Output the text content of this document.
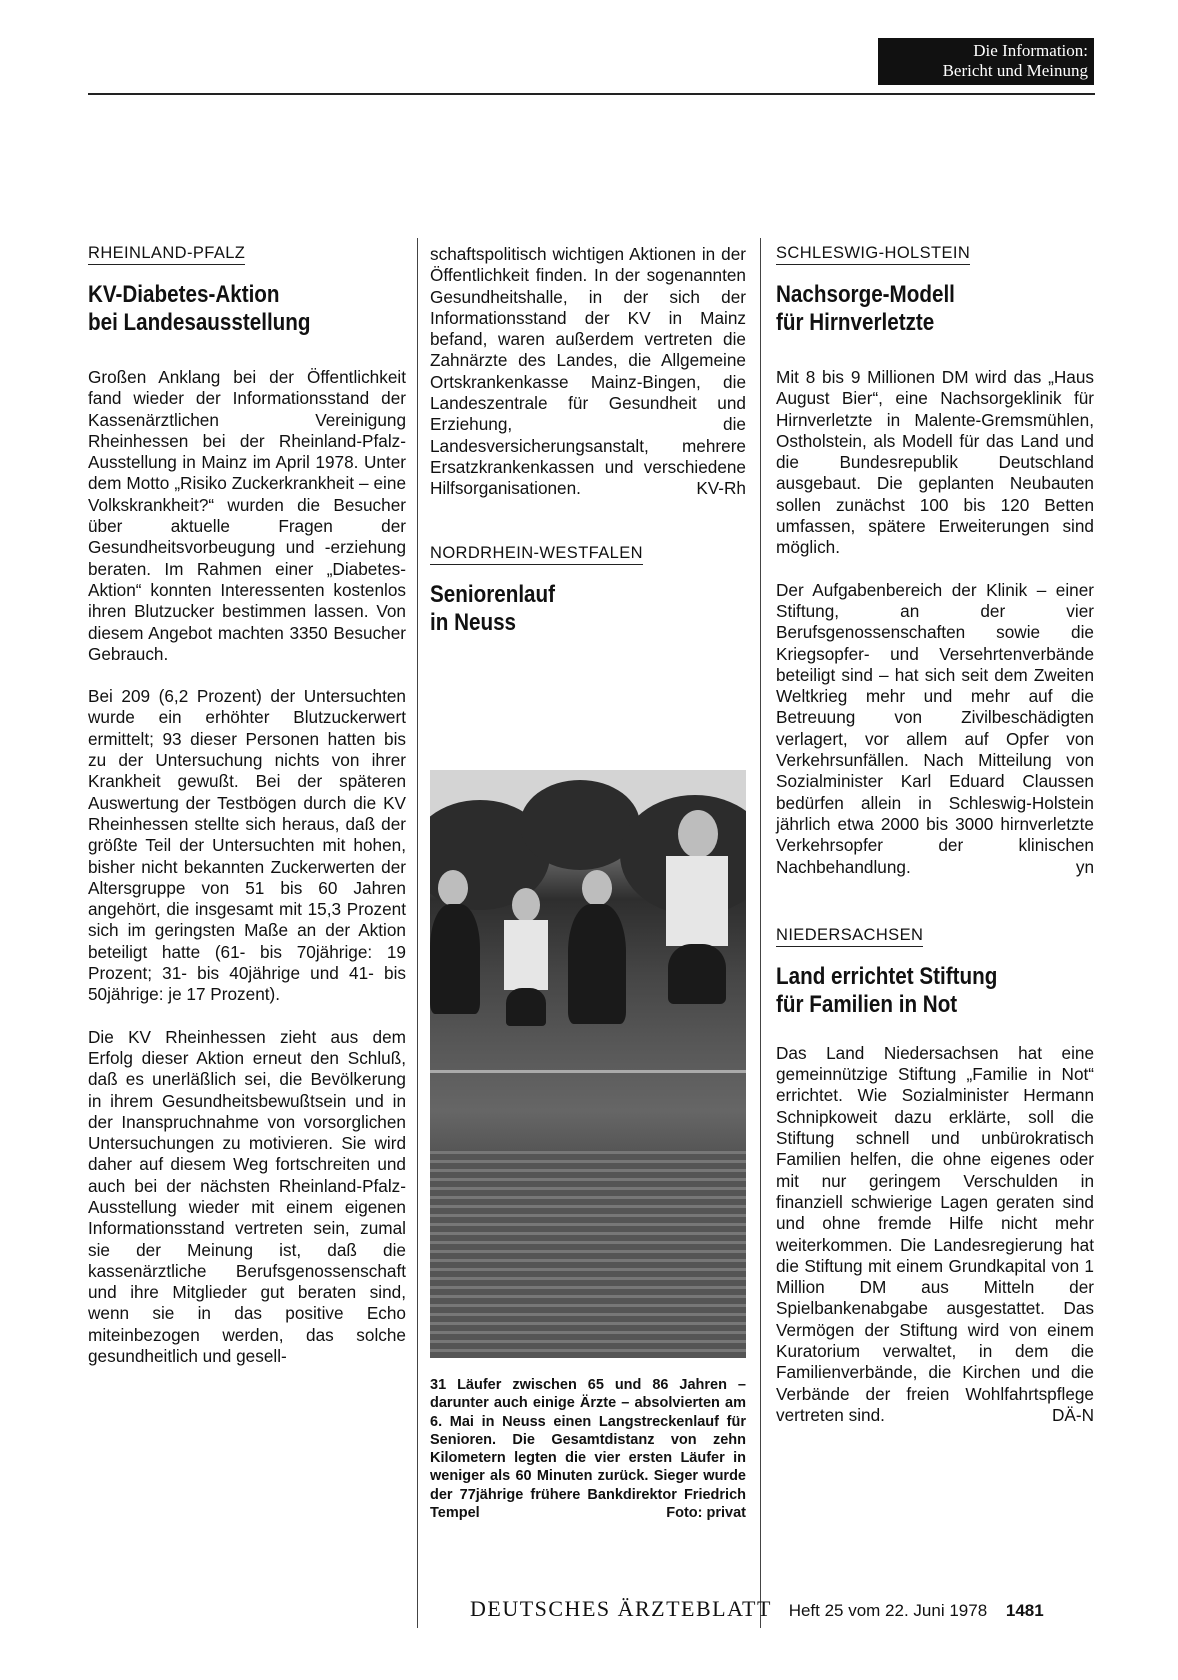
Die Information:
Bericht und Meinung
RHEINLAND-PFALZ
KV-Diabetes-Aktion
bei Landesausstellung

Großen Anklang bei der Öffentlichkeit fand wieder der Informationsstand der Kassenärztlichen Vereinigung Rheinhessen bei der Rheinland-Pfalz-Ausstellung in Mainz im April 1978. Unter dem Motto „Risiko Zuckerkrankheit – eine Volkskrankheit?“ wurden die Besucher über aktuelle Fragen der Gesundheitsvorbeugung und -erziehung beraten. Im Rahmen einer „Diabetes-Aktion“ konnten Interessenten kostenlos ihren Blutzucker bestimmen lassen. Von diesem Angebot machten 3350 Besucher Gebrauch.

Bei 209 (6,2 Prozent) der Untersuchten wurde ein erhöhter Blutzuckerwert ermittelt; 93 dieser Personen hatten bis zu der Untersuchung nichts von ihrer Krankheit gewußt. Bei der späteren Auswertung der Testbögen durch die KV Rheinhessen stellte sich heraus, daß der größte Teil der Untersuchten mit hohen, bisher nicht bekannten Zuckerwerten der Altersgruppe von 51 bis 60 Jahren angehört, die insgesamt mit 15,3 Prozent sich im geringsten Maße an der Aktion beteiligt hatte (61- bis 70jährige: 19 Prozent; 31- bis 40jährige und 41- bis 50jährige: je 17 Prozent).

Die KV Rheinhessen zieht aus dem Erfolg dieser Aktion erneut den Schluß, daß es unerläßlich sei, die Bevölkerung in ihrem Gesundheitsbewußtsein und in der Inanspruchnahme von vorsorglichen Untersuchungen zu motivieren. Sie wird daher auf diesem Weg fortschreiten und auch bei der nächsten Rheinland-Pfalz-Ausstellung wieder mit einem eigenen Informationsstand vertreten sein, zumal sie der Meinung ist, daß die kassenärztliche Berufsgenossenschaft und ihre Mitglieder gut beraten sind, wenn sie in das positive Echo miteinbezogen werden, das solche gesundheitlich und gesell-

schaftspolitisch wichtigen Aktionen in der Öffentlichkeit finden. In der sogenannten Gesundheitshalle, in der sich der Informationsstand der KV in Mainz befand, waren außerdem vertreten die Zahnärzte des Landes, die Allgemeine Ortskrankenkasse Mainz-Bingen, die Landeszentrale für Gesundheit und Erziehung, die Landesversicherungsanstalt, mehrere Ersatzkrankenkassen und verschiedene Hilfsorganisationen.	KV-Rh

NORDRHEIN-WESTFALEN
Seniorenlauf
in Neuss
31 Läufer zwischen 65 und 86 Jahren – darunter auch einige Ärzte – absolvierten am 6. Mai in Neuss einen Langstreckenlauf für Senioren. Die Gesamtdistanz von zehn Kilometern legten die vier ersten Läufer in weniger als 60 Minuten zurück. Sieger wurde der 77jährige frühere Bankdirektor Friedrich Tempel	Foto: privat
SCHLESWIG-HOLSTEIN
Nachsorge-Modell
für Hirnverletzte

Mit 8 bis 9 Millionen DM wird das „Haus August Bier“, eine Nachsorgeklinik für Hirnverletzte in Malente-Gremsmühlen, Ostholstein, als Modell für das Land und die Bundesrepublik Deutschland ausgebaut. Die geplanten Neubauten sollen zunächst 100 bis 120 Betten umfassen, spätere Erweiterungen sind möglich.

Der Aufgabenbereich der Klinik – einer Stiftung, an der vier Berufsgenossenschaften sowie die Kriegsopfer- und Versehrtenverbände beteiligt sind – hat sich seit dem Zweiten Weltkrieg mehr und mehr auf die Betreuung von Zivilbeschädigten verlagert, vor allem auf Opfer von Verkehrsunfällen. Nach Mitteilung von Sozialminister Karl Eduard Claussen bedürfen allein in Schleswig-Holstein jährlich etwa 2000 bis 3000 hirnverletzte Verkehrsopfer der klinischen Nachbehandlung.	yn

NIEDERSACHSEN
Land errichtet Stiftung
für Familien in Not

Das Land Niedersachsen hat eine gemeinnützige Stiftung „Familie in Not“ errichtet. Wie Sozialminister Hermann Schnipkoweit dazu erklärte, soll die Stiftung schnell und unbürokratisch Familien helfen, die ohne eigenes oder mit nur geringem Verschulden in finanziell schwierige Lagen geraten sind und ohne fremde Hilfe nicht mehr weiterkommen. Die Landesregierung hat die Stiftung mit einem Grundkapital von 1 Million DM aus Mitteln der Spielbankenabgabe ausgestattet. Das Vermögen der Stiftung wird von einem Kuratorium verwaltet, in dem die Familienverbände, die Kirchen und die Verbände der freien Wohlfahrtspflege vertreten sind.	DÄ-N

DEUTSCHES ÄRZTEBLATT Heft 25 vom 22. Juni 1978 1481
